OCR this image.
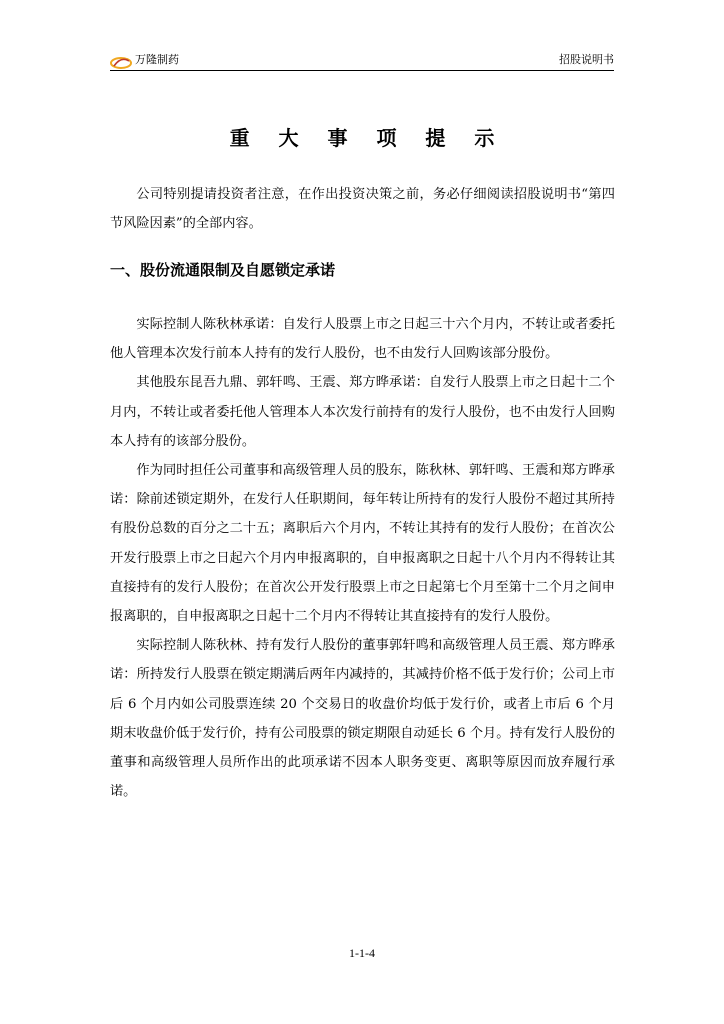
万隆制药	招股说明书
重 大 事 项 提 示

公司特别提请投资者注意，在作出投资决策之前，务必仔细阅读招股说明书“第四节风险因素”的全部内容。

一、股份流通限制及自愿锁定承诺

实际控制人陈秋林承诺：自发行人股票上市之日起三十六个月内，不转让或者委托他人管理本次发行前本人持有的发行人股份，也不由发行人回购该部分股份。

其他股东昆吾九鼎、郭轩鸣、王震、郑方晔承诺：自发行人股票上市之日起十二个月内，不转让或者委托他人管理本人本次发行前持有的发行人股份，也不由发行人回购本人持有的该部分股份。

作为同时担任公司董事和高级管理人员的股东，陈秋林、郭轩鸣、王震和郑方晔承诺：除前述锁定期外，在发行人任职期间，每年转让所持有的发行人股份不超过其所持有股份总数的百分之二十五；离职后六个月内，不转让其持有的发行人股份；在首次公开发行股票上市之日起六个月内申报离职的，自申报离职之日起十八个月内不得转让其直接持有的发行人股份；在首次公开发行股票上市之日起第七个月至第十二个月之间申报离职的，自申报离职之日起十二个月内不得转让其直接持有的发行人股份。

实际控制人陈秋林、持有发行人股份的董事郭轩鸣和高级管理人员王震、郑方晔承诺：所持发行人股票在锁定期满后两年内减持的，其减持价格不低于发行价；公司上市后 6 个月内如公司股票连续 20 个交易日的收盘价均低于发行价，或者上市后 6 个月期末收盘价低于发行价，持有公司股票的锁定期限自动延长 6 个月。持有发行人股份的董事和高级管理人员所作出的此项承诺不因本人职务变更、离职等原因而放弃履行承诺。

1-1-4
